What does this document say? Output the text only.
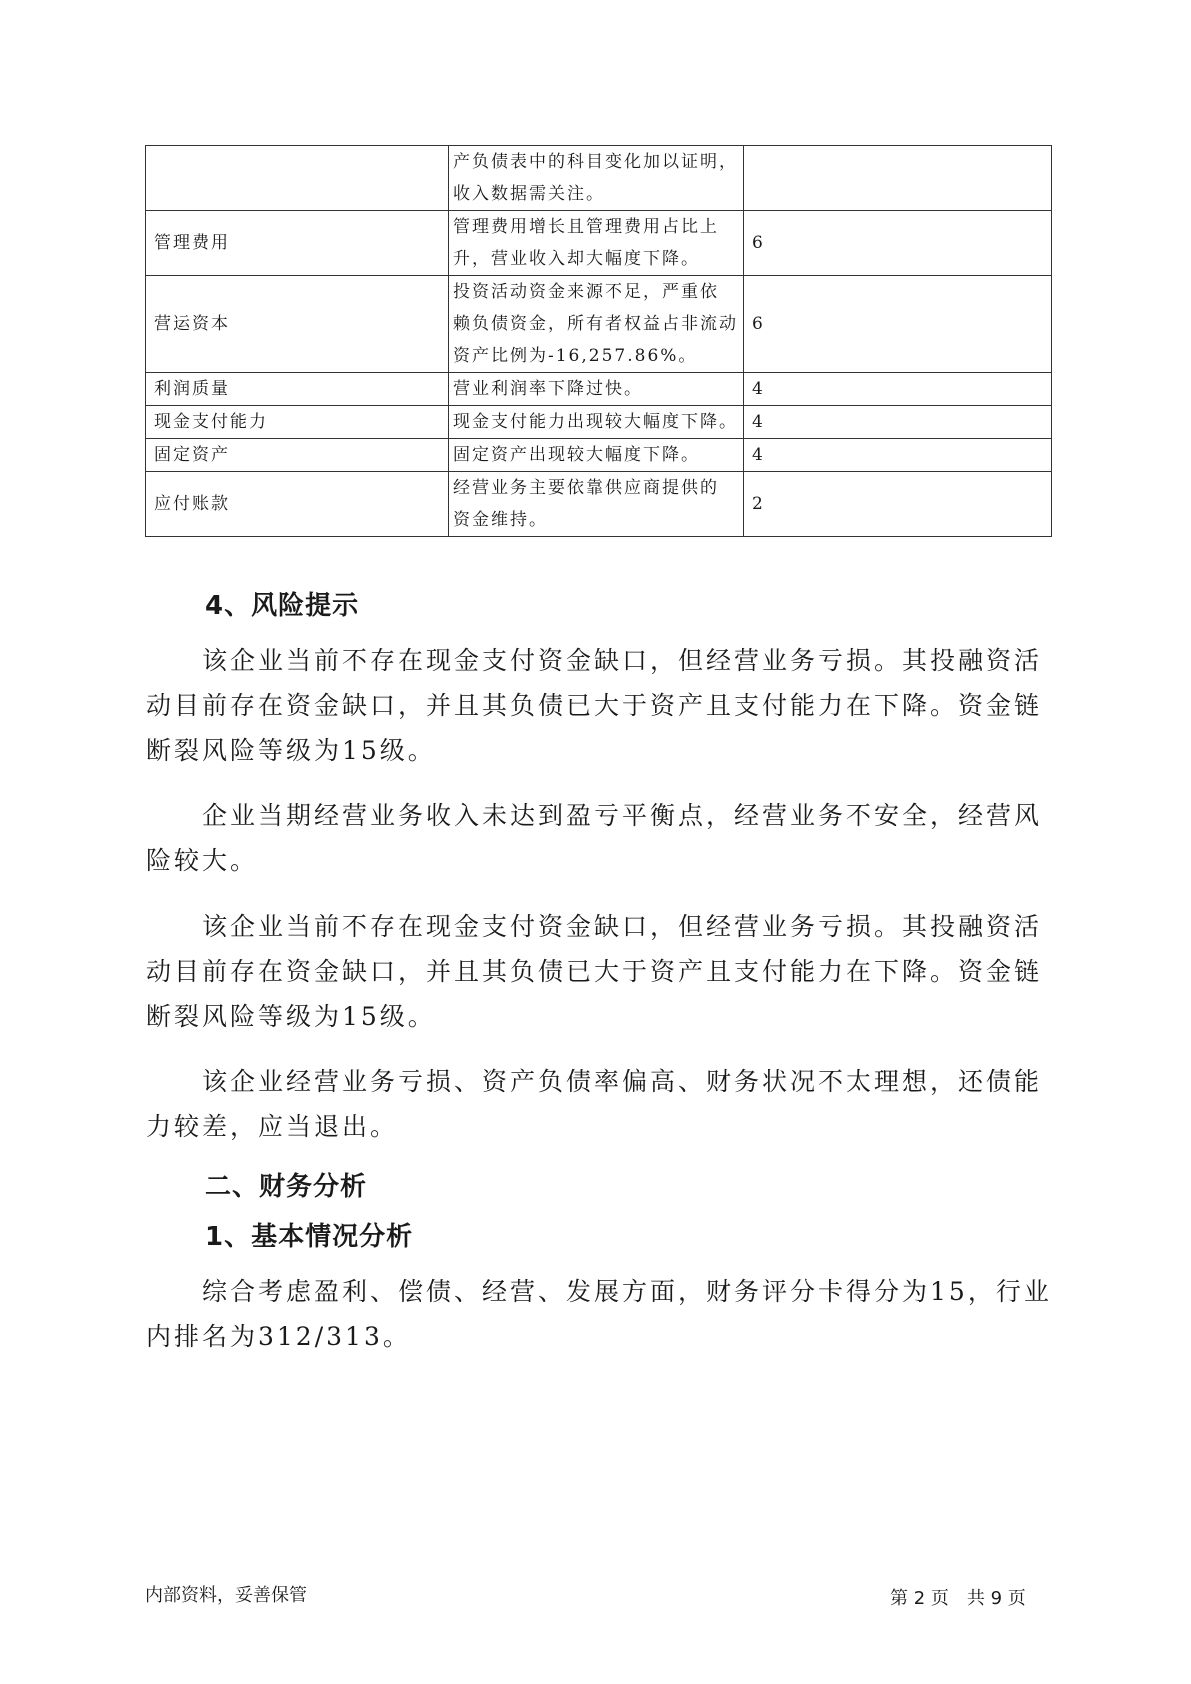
	产负债表中的科目变化加以证明，
收入数据需关注。	

管理费用	管理费用增长且管理费用占比上
升，营业收入却大幅度下降。	6
营运资本	投资活动资金来源不足，严重依
赖负债资金，所有者权益占非流动
资产比例为-16,257.86%。	6
利润质量	营业利润率下降过快。	4
现金支付能力	现金支付能力出现较大幅度下降。	4
固定资产	固定资产出现较大幅度下降。	4
应付账款	经营业务主要依靠供应商提供的
资金维持。	2
4、风险提示
　　该企业当前不存在现金支付资金缺口，但经营业务亏损。其投融资活
动目前存在资金缺口，并且其负债已大于资产且支付能力在下降。资金链
断裂风险等级为15级。
　　企业当期经营业务收入未达到盈亏平衡点，经营业务不安全，经营风
险较大。
　　该企业当前不存在现金支付资金缺口，但经营业务亏损。其投融资活
动目前存在资金缺口，并且其负债已大于资产且支付能力在下降。资金链
断裂风险等级为15级。
　　该企业经营业务亏损、资产负债率偏高、财务状况不太理想，还债能
力较差，应当退出。
二、财务分析
1、基本情况分析
　　综合考虑盈利、偿债、经营、发展方面，财务评分卡得分为15，行业
内排名为312/313。
内部资料，妥善保管	第 2 页　共 9 页
